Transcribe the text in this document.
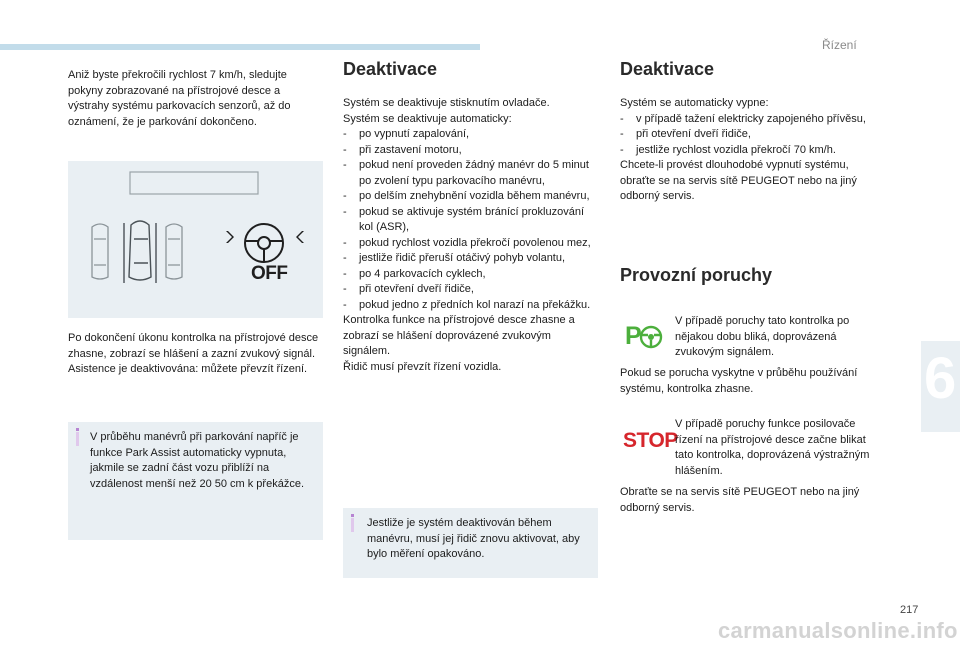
Řízení
6

Aniž byste překročili rychlost 7 km/h, sledujte pokyny zobrazované na přístrojové desce a výstrahy systému parkovacích senzorů, až do oznámení, že je parkování dokončeno.

OFF

Po dokončení úkonu kontrolka na přístrojové desce zhasne, zobrazí se hlášení a zazní zvukový signál.

Asistence je deaktivována: můžete převzít řízení.

V průběhu manévrů při parkování napříč je funkce Park Assist automaticky vypnuta, jakmile se zadní část vozu přiblíží na vzdálenost menší než 20 50 cm k překážce.

Deaktivace

Systém se deaktivuje stisknutím ovladače.

Systém se deaktivuje automaticky:

- po vypnutí zapalování,
- při zastavení motoru,
- pokud není proveden žádný manévr do 5 minut po zvolení typu parkovacího manévru,
- po delším znehybnění vozidla během manévru,
- pokud se aktivuje systém bránící prokluzování kol (ASR),
- pokud rychlost vozidla překročí povolenou mez,
- jestliže řidič přeruší otáčivý pohyb volantu,
- po 4 parkovacích cyklech,
- při otevření dveří řidiče,
- pokud jedno z předních kol narazí na překážku.

Kontrolka funkce na přístrojové desce zhasne a zobrazí se hlášení doprovázené zvukovým signálem.

Řidič musí převzít řízení vozidla.

Jestliže je systém deaktivován během manévru, musí jej řidič znovu aktivovat, aby bylo měření opakováno.

Deaktivace

Systém se automaticky vypne:

- v případě tažení elektricky zapojeného přívěsu,
- při otevření dveří řidiče,
- jestliže rychlost vozidla překročí 70 km/h.

Chcete-li provést dlouhodobé vypnutí systému, obraťte se na servis sítě PEUGEOT nebo na jiný odborný servis.

Provozní poruchy
P

V případě poruchy tato kontrolka po nějakou dobu bliká, doprovázená zvukovým signálem.

Pokud se porucha vyskytne v průběhu používání systému, kontrolka zhasne.

STOP

V případě poruchy funkce posilovače řízení na přístrojové desce začne blikat tato kontrolka, doprovázená výstražným hlášením.

Obraťte se na servis sítě PEUGEOT nebo na jiný odborný servis.

217
carmanualsonline.info
